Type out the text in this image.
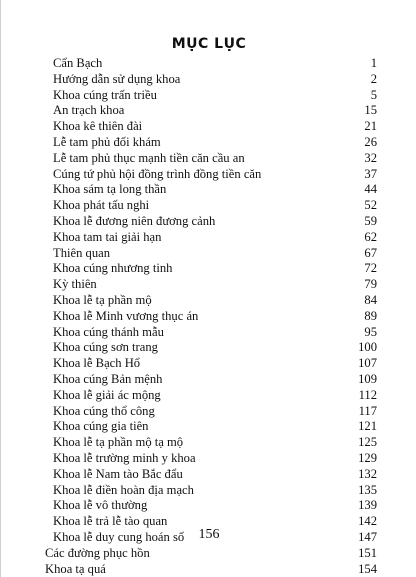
MỤC LỤC
Cẩn Bạch	1
Hướng dẫn sử dụng khoa	2
Khoa cúng trấn triều	5
An trạch khoa	15
Khoa kê thiên đài	21
Lễ tam phủ đối khám	26
Lễ tam phủ thục mạnh tiền căn cầu an	32
Cúng tứ phủ hội đồng trình đồng tiền căn	37
Khoa sám tạ long thần	44
Khoa phát tấu nghi	52
Khoa lễ đương niên đương cảnh	59
Khoa tam tai giải hạn	62
Thiên quan	67
Khoa cúng nhương tinh	72
Kỳ thiên	79
Khoa lễ tạ phần mộ	84
Khoa lễ Minh vương thục án	89
Khoa cúng thánh mẫu	95
Khoa cúng sơn trang	100
Khoa lễ Bạch Hổ	107
Khoa cúng Bản mệnh	109
Khoa lễ giải ác mộng	112
Khoa cúng thổ công	117
Khoa cúng gia tiên	121
Khoa lễ tạ phần mộ tạ mộ	125
Khoa lễ trường minh y khoa	129
Khoa lễ Nam tào Bắc đẩu	132
Khoa lễ điền hoàn địa mạch	135
Khoa lễ vô thường	139
Khoa lễ trả lễ tào quan	142
Khoa lễ duy cung hoán số	147
Các đường phục hồn	151
Khoa tạ quá	154
156
